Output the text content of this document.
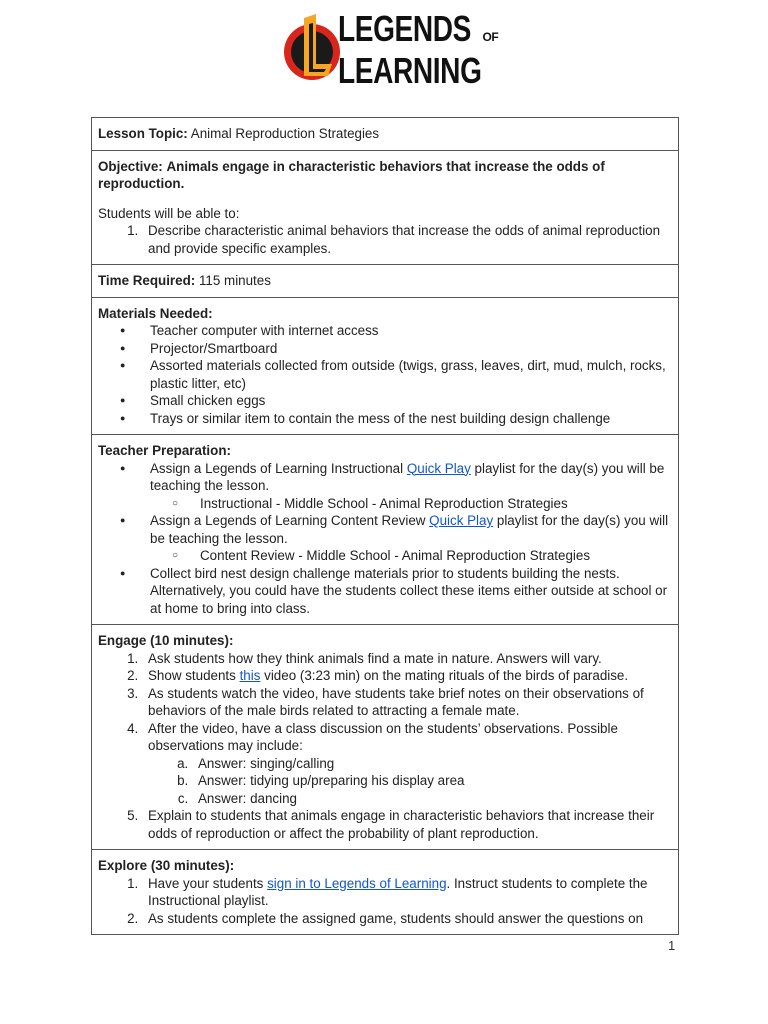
LEGENDS OF
LEARNING
Lesson Topic: Animal Reproduction Strategies

Objective: Animals engage in characteristic behaviors that increase the odds of reproduction.
Students will be able to:
1. Describe characteristic animal behaviors that increase the odds of animal reproduction and provide specific examples.

Time Required: 115 minutes

Materials Needed:
● Teacher computer with internet access
● Projector/Smartboard
● Assorted materials collected from outside (twigs, grass, leaves, dirt, mud, mulch, rocks, plastic litter, etc)
● Small chicken eggs
● Trays or similar item to contain the mess of the nest building design challenge

Teacher Preparation:
● Assign a Legends of Learning Instructional Quick Play playlist for the day(s) you will be teaching the lesson.
○ Instructional - Middle School - Animal Reproduction Strategies
● Assign a Legends of Learning Content Review Quick Play playlist for the day(s) you will be teaching the lesson.
○ Content Review - Middle School - Animal Reproduction Strategies
● Collect bird nest design challenge materials prior to students building the nests. Alternatively, you could have the students collect these items either outside at school or at home to bring into class.

Engage (10 minutes):
1. Ask students how they think animals find a mate in nature. Answers will vary.
2. Show students this video (3:23 min) on the mating rituals of the birds of paradise.
3. As students watch the video, have students take brief notes on their observations of behaviors of the male birds related to attracting a female mate.
4. After the video, have a class discussion on the students’ observations. Possible observations may include:
a. Answer: singing/calling
b. Answer: tidying up/preparing his display area
c. Answer: dancing
5. Explain to students that animals engage in characteristic behaviors that increase their odds of reproduction or affect the probability of plant reproduction.

Explore (30 minutes):
1. Have your students sign in to Legends of Learning. Instruct students to complete the Instructional playlist.
2. As students complete the assigned game, students should answer the questions on
1
